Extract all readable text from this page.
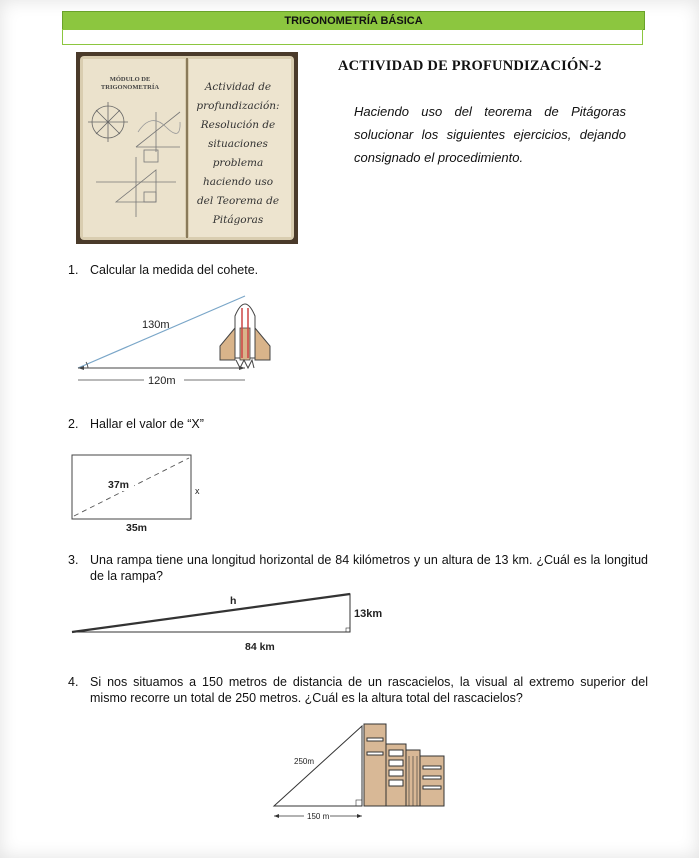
TRIGONOMETRÍA BÁSICA
MÓDULO DE
TRIGONOMETRÍA	Actividad de
profundización:
Resolución de
situaciones
problema
haciendo uso
del Teorema de
Pitágoras
ACTIVIDAD DE PROFUNDIZACIÓN-2
Haciendo uso del teorema de Pitágoras solucionar los siguientes ejercicios, dejando consignado el procedimiento.
1. Calcular la medida del cohete.
130m
120m
2. Hallar el valor de “X”
37m	x
35m
3. Una rampa tiene una longitud horizontal de 84 kilómetros y un altura de 13 km. ¿Cuál es la longitud de la rampa?
h
13km
84 km
4. Si nos situamos a 150 metros de distancia de un rascacielos, la visual al extremo superior del mismo recorre un total de 250 metros. ¿Cuál es la altura total del rascacielos?
250m
150 m
